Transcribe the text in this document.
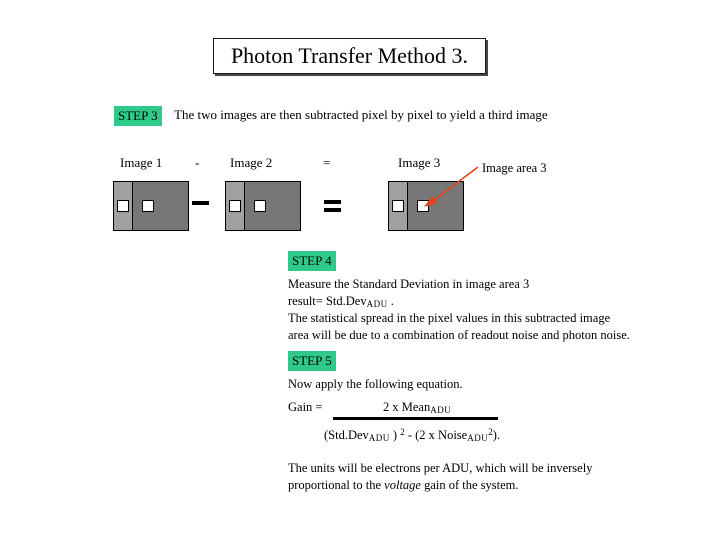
Photon Transfer Method 3.
STEP 3	The two images are then subtracted pixel by pixel to yield a third image
Image 1	- Image 2	=	Image 3	Image area 3
STEP 4
Measure the Standard Deviation in image area 3
result= Std.DevADU .
The statistical spread in the pixel values in this subtracted image
area will be due to a combination of readout noise and photon noise.
STEP 5
Now apply the following equation.
Gain =	2 x MeanADU
(Std.DevADU ) $^2$ - (2 x NoiseADU$^2$).
The units will be electrons per ADU, which will be inversely
proportional to the voltage gain of the system.
